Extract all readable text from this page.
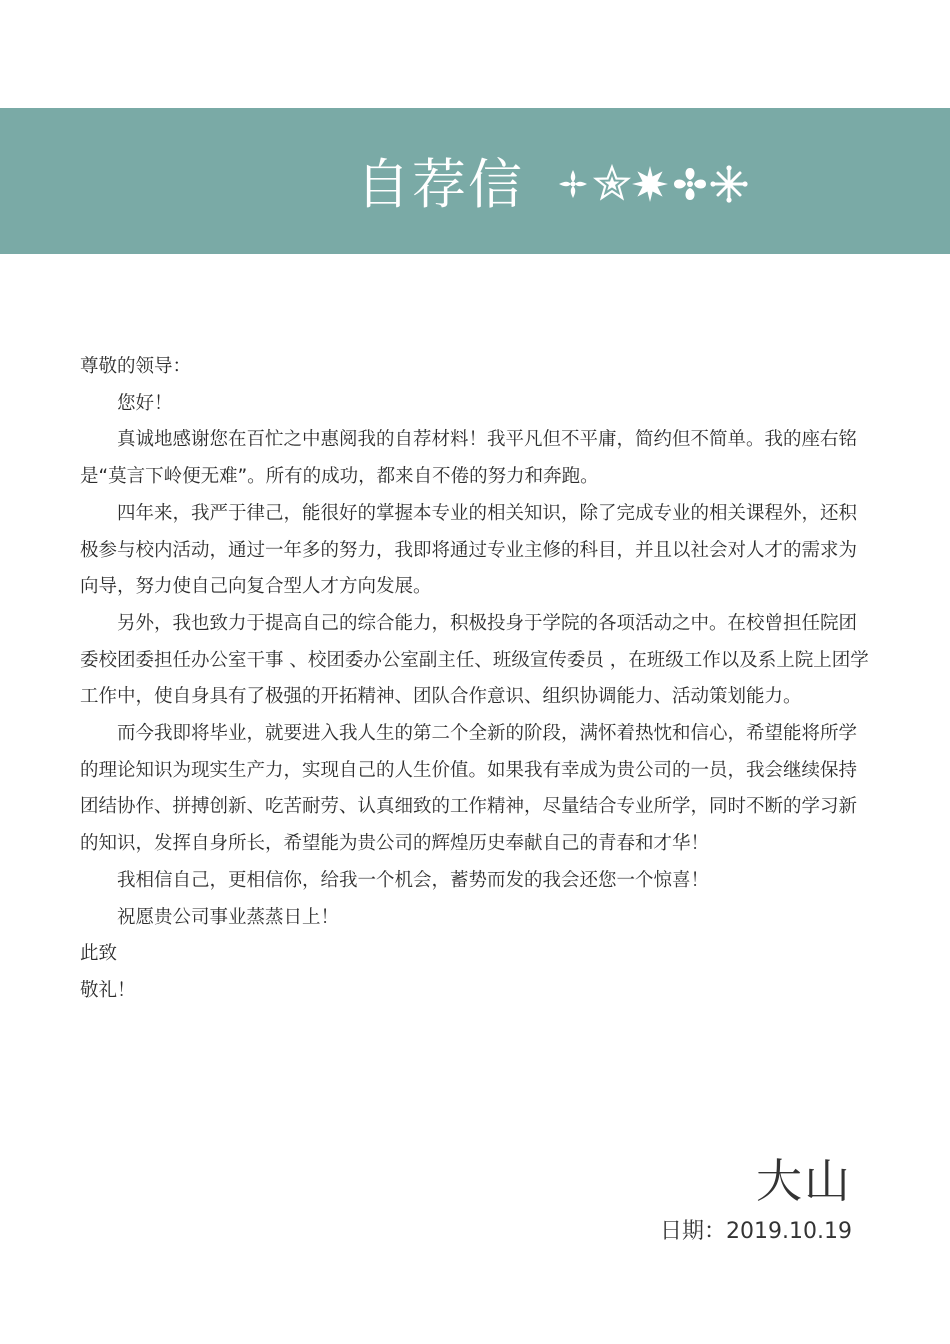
自荐信

尊敬的领导：

您好！

真诚地感谢您在百忙之中惠阅我的自荐材料！我平凡但不平庸，简约但不简单。我的座右铭是“莫言下岭便无难”。所有的成功，都来自不倦的努力和奔跑。

四年来，我严于律己，能很好的掌握本专业的相关知识，除了完成专业的相关课程外，还积极参与校内活动，通过一年多的努力，我即将通过专业主修的科目，并且以社会对人才的需求为向导，努力使自己向复合型人才方向发展。

另外，我也致力于提高自己的综合能力，积极投身于学院的各项活动之中。在校曾担任院团委校团委担任办公室干事 、校团委办公室副主任、班级宣传委员 ，在班级工作以及系上院上团学工作中，使自身具有了极强的开拓精神、团队合作意识、组织协调能力、活动策划能力。

而今我即将毕业，就要进入我人生的第二个全新的阶段，满怀着热忱和信心，希望能将所学的理论知识为现实生产力，实现自己的人生价值。如果我有幸成为贵公司的一员，我会继续保持团结协作、拼搏创新、吃苦耐劳、认真细致的工作精神，尽量结合专业所学，同时不断的学习新的知识，发挥自身所长，希望能为贵公司的辉煌历史奉献自己的青春和才华！

我相信自己，更相信你，给我一个机会，蓄势而发的我会还您一个惊喜！

祝愿贵公司事业蒸蒸日上！

此致

敬礼！

大山
日期：2019.10.19
